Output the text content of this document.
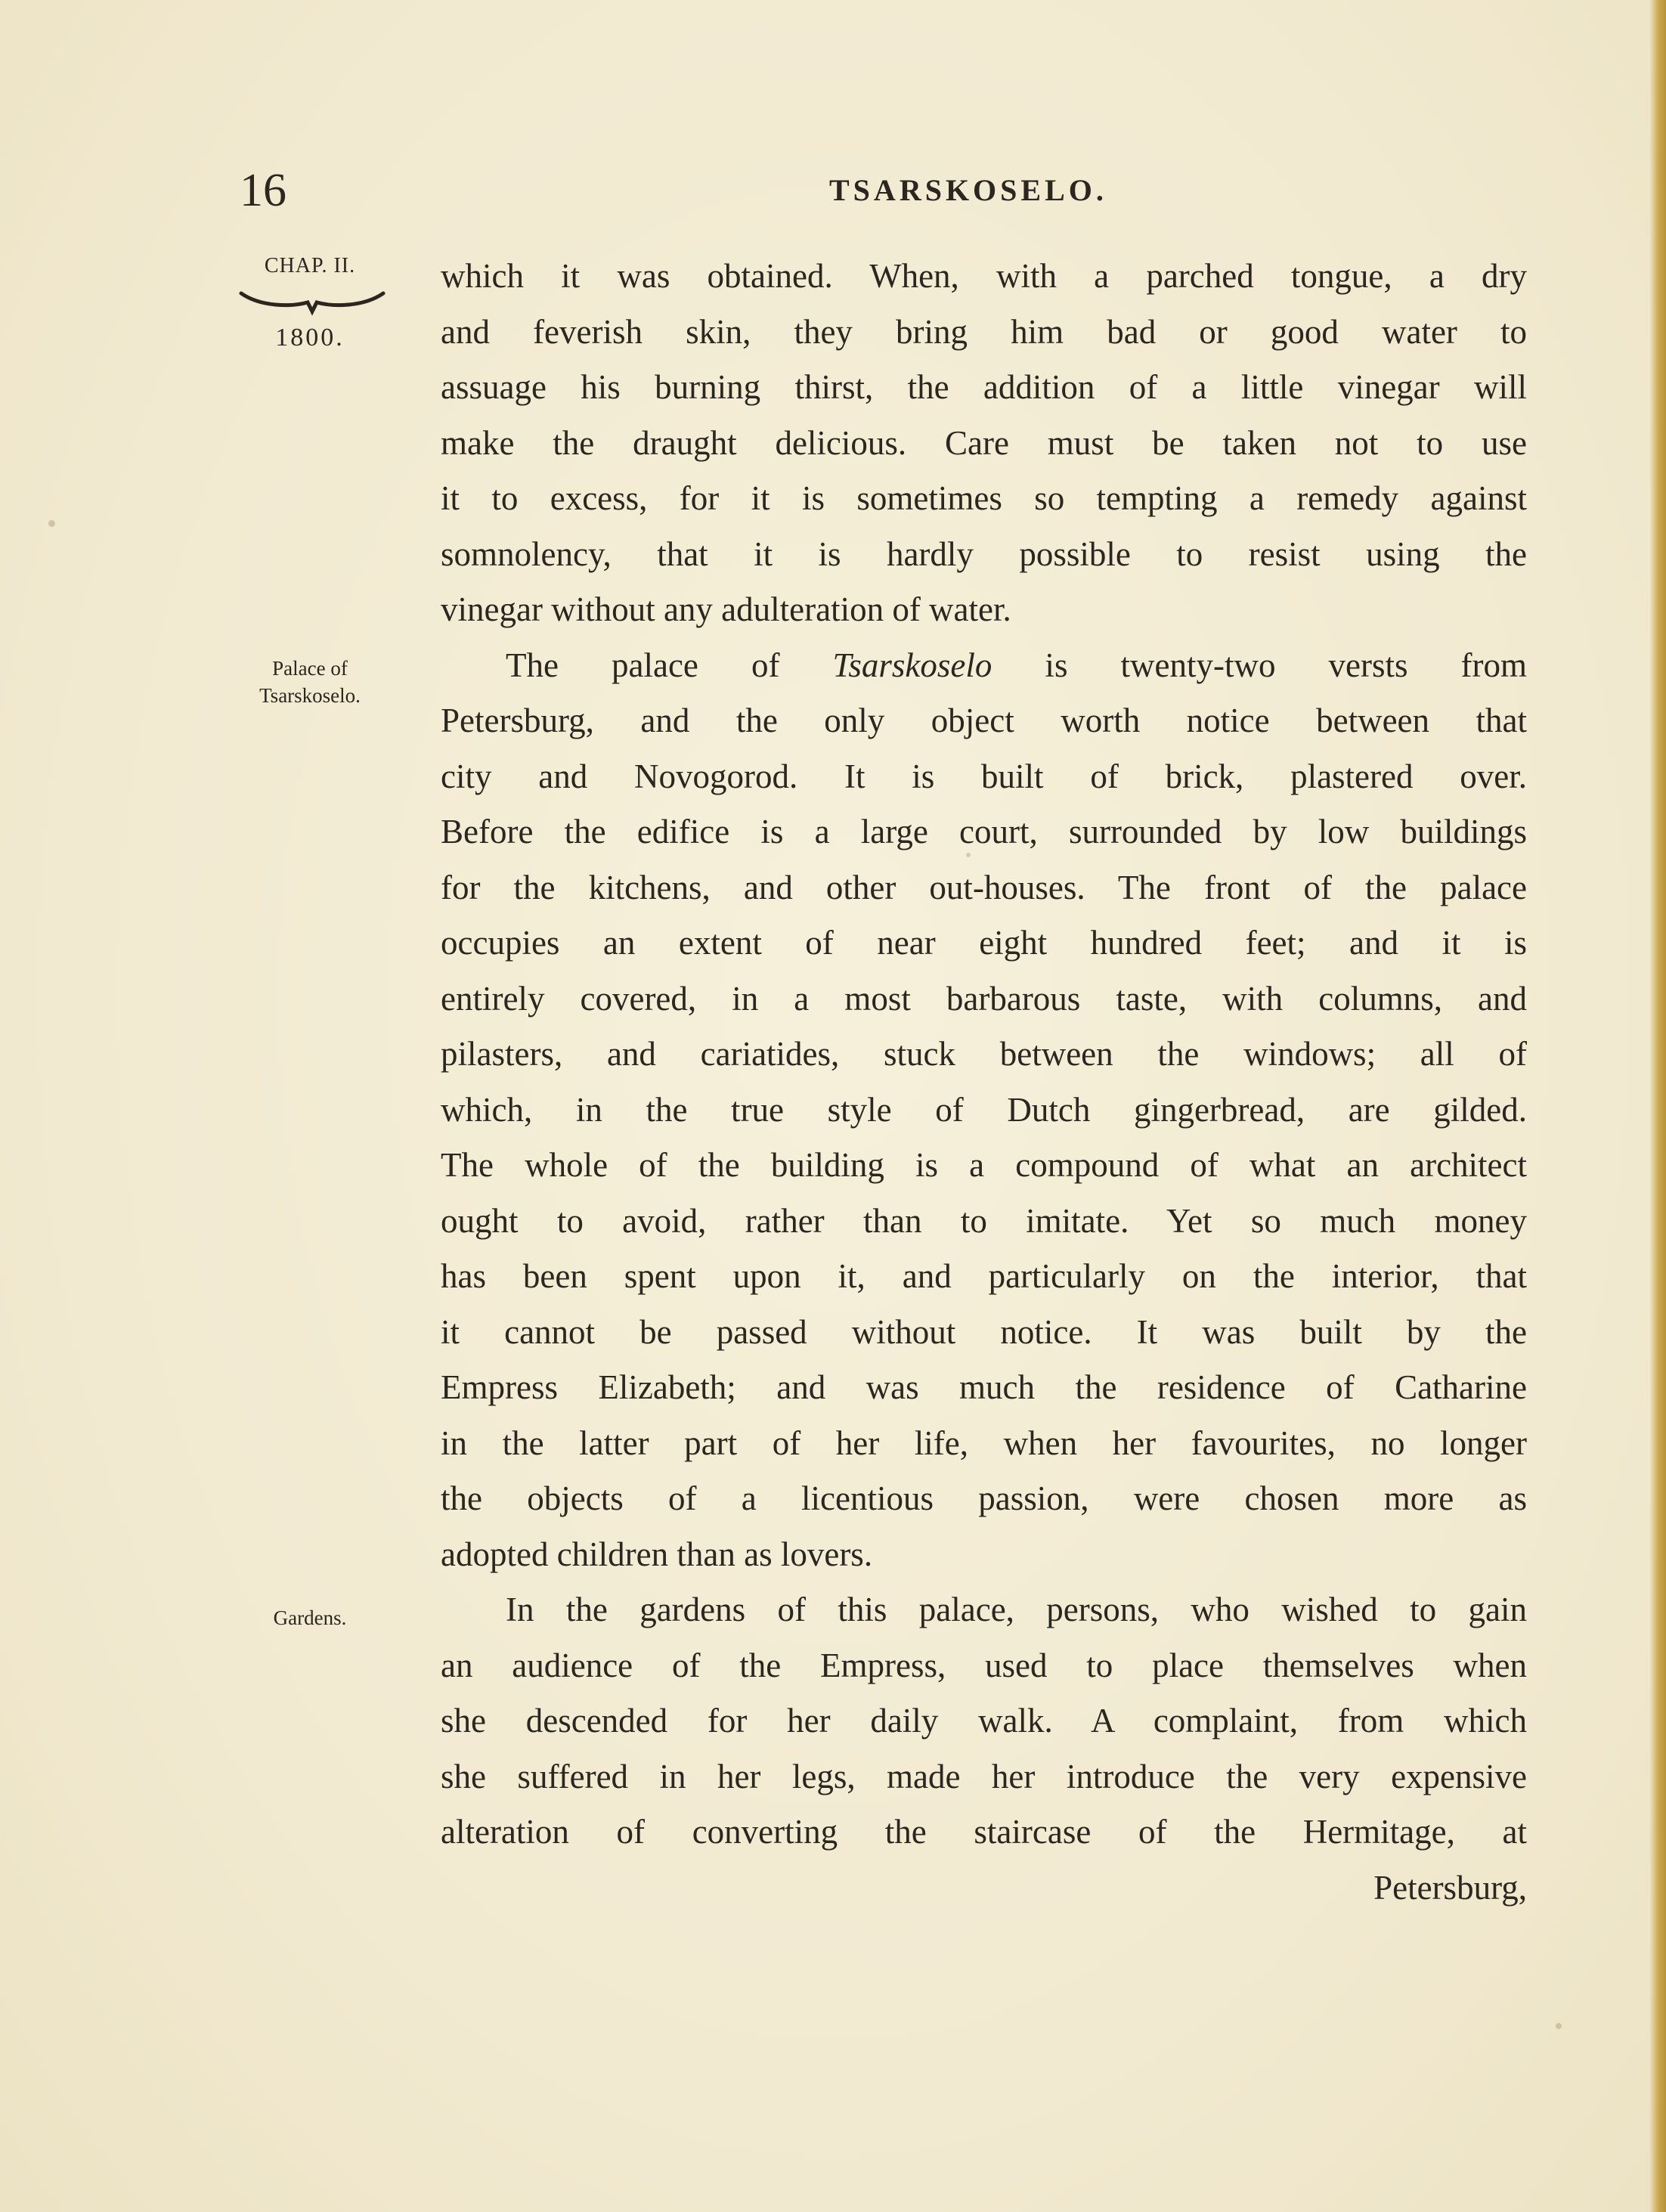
16	TSARSKOSELO.
CHAP. II.
1800.
Palace of
Tsarskoselo.
Gardens.
which it was obtained. When, with a parched tongue, a dry
and feverish skin, they bring him bad or good water to
assuage his burning thirst, the addition of a little vinegar will
make the draught delicious. Care must be taken not to use
it to excess, for it is sometimes so tempting a remedy against
somnolency, that it is hardly possible to resist using the
vinegar without any adulteration of water.
The palace of Tsarskoselo is twenty-two versts from
Petersburg, and the only object worth notice between that
city and Novogorod. It is built of brick, plastered over.
Before the edifice is a large court, surrounded by low buildings
for the kitchens, and other out-houses. The front of the palace
occupies an extent of near eight hundred feet; and it is
entirely covered, in a most barbarous taste, with columns, and
pilasters, and cariatides, stuck between the windows; all of
which, in the true style of Dutch gingerbread, are gilded.
The whole of the building is a compound of what an architect
ought to avoid, rather than to imitate. Yet so much money
has been spent upon it, and particularly on the interior, that
it cannot be passed without notice. It was built by the
Empress Elizabeth; and was much the residence of Catharine
in the latter part of her life, when her favourites, no longer
the objects of a licentious passion, were chosen more as
adopted children than as lovers.
In the gardens of this palace, persons, who wished to gain
an audience of the Empress, used to place themselves when
she descended for her daily walk. A complaint, from which
she suffered in her legs, made her introduce the very expensive
alteration of converting the staircase of the Hermitage, at
Petersburg,
